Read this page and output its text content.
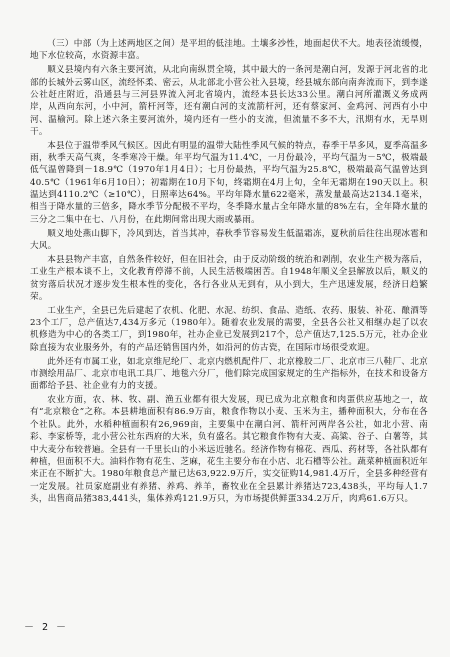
（三）中部（为上述两地区之间）是平坦的低洼地。土壤多沙性，地面起伏不大。地表径流缓慢，地下水位较高，水资源丰富。

顺义县境内有六条主要河流，从北向南纵贯全境，其中最大的一条河是潮白河，发源于河北省的北部的长城外云雾山区，流经怀柔、密云，从北部北小营公社入县境，经县城东部向南奔流而下，到李遂公社赶庄附近，沿通县与三河县界流入河北省境内，流经本县长达33公里。潮白河所灌溉义务成两岸，从西向东河，小中河，箭杆河等，还有潮白河的支流箭杆河，还有蔡家河、金鸡河、河西有小中河、温榆河。除上述六条主要河流外，境内还有一些小的支流，但流量不多不大，汛期有水，无旱则干。

本县位于温带季风气候区。因此有明显的温带大陆性季风气候的特点，春季干旱多风，夏季高温多雨，秋季天高气爽，冬季寒冷干燥。年平均气温为11.4℃，一月份最冷，平均气温为－5℃，极端最低气温曾降到－18.9℃（1970年1月4日）；七月份最热，平均气温为25.8℃，极端最高气温曾达到40.5℃（1961年6月10日）；初霜期在10月下旬，终霜期在4月上旬，全年无霜期在190天以上。积温达到4110.2℃（≥10℃），日照率达64%。平均年降水量622毫米，蒸发量最高达2134.1毫米，相当于降水量的三倍多，降水季节分配极不平均，冬季降水量占全年降水量的8%左右，全年降水量的三分之二集中在七、八月份，在此期间常出现大雨或暴雨。

顺义地处燕山脚下，冷风到达，首当其冲，春秋季节容易发生低温霜冻，夏秋前后往往出现冰雹和大风。

本县县物产丰富，自然条件较好，但在旧社会，由于反动阶级的统治和剥削，农业生产极为落后，工业生产根本谈不上，文化教育停滞不前，人民生活极端困苦。自1948年顺义全县解放以后，顺义的贫穷落后状况才逐步发生根本性的变化，各行各业从无到有，从小到大，生产迅速发展，经济日趋繁荣。

工业生产，全县已先后建起了农机、化肥、水泥、纺织、食品、造纸、农药、服装、补花、酿酒等23个工厂，总产值达7,434万多元（1980年）。随着农业发展的需要，全县各公社又相继办起了以农机修造为中心的各类工厂，到1980年，社办企业已发展到217个，总产值达7,125.5万元，社办企业除直接为农业服务外，有的产品还销售国内外，如沿河的仿古瓷，在国际市场很受欢迎。

此外还有市属工业，如北京维尼纶厂、北京内燃机配件厂、北京橡胶二厂、北京市三八鞋厂、北京市测绘用品厂、北京市电讯工具厂、地毯六分厂，他们除完成国家规定的生产指标外，在技术和设备方面都给予县、社企业有力的支援。

农业方面，农、林、牧、副、渔五业都有很大发展，现已成为北京粮食和肉蛋供应基地之一，故有“北京粮仓”之称。本县耕地面积有86.9万亩，粮食作物以小麦、玉米为主，播种面积大，分布在各个社队。此外，水稻种植面积有26,969亩，主要集中在潮白河、箭杆河两岸各公社，如北小营、南彩、李家桥等，北小营公社东西府的大米，负有盛名。其它粮食作物有大麦、高粱、谷子、白薯等，其中大麦分布较普遍。全县有一千里长山的小米远近驰名。经济作物有棉花、西瓜、药材等，各社队都有种植，但面积不大。油料作物有花生、芝麻，花生主要分布在小店、北石槽等公社。蔬菜种植面积近年来正在不断扩大。1980年粮食总产量已达63,922.9万斤，实交征购14,981.4万斤，全县多种经营有一定发展。社员家庭副业有养猪、养鸡、养羊，畜牧业在全县累计养猪达723,438头，平均每人1.7头，出售商品猪383,441头，集体养鸡121.9万只，为市场提供鲜蛋334.2万斤，肉鸡61.6万只。

－ 2 －
